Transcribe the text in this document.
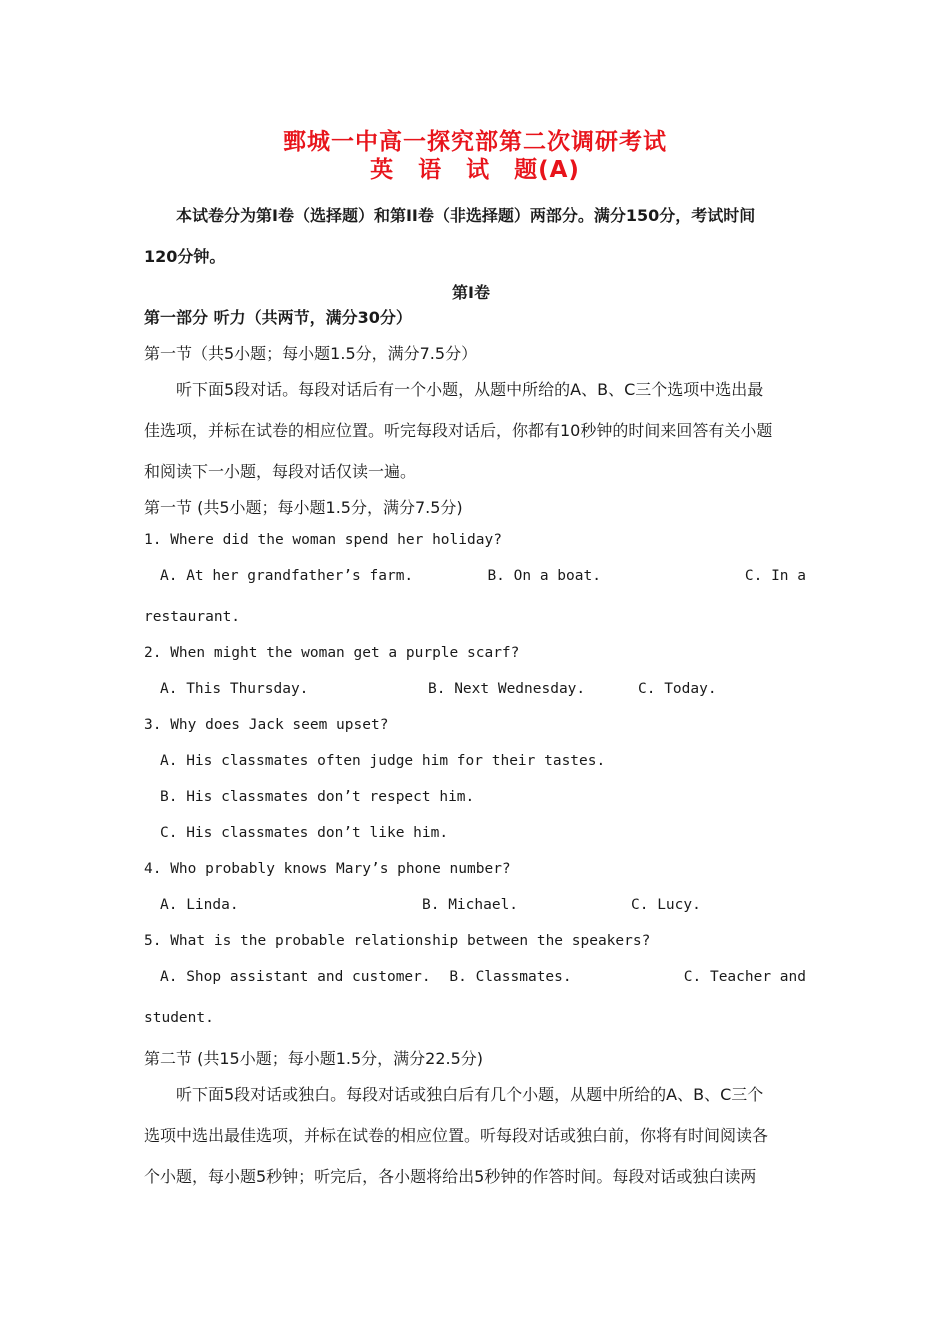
鄄城一中高一探究部第二次调研考试
英　语　试　题(A)
本试卷分为第Ⅰ卷（选择题）和第II卷（非选择题）两部分。满分150分，考试时间
120分钟。
第Ⅰ卷
第一部分 听力（共两节，满分30分）
第一节（共5小题；每小题1.5分，满分7.5分）
听下面5段对话。每段对话后有一个小题，从题中所给的A、B、C三个选项中选出最
佳选项，并标在试卷的相应位置。听完每段对话后，你都有10秒钟的时间来回答有关小题
和阅读下一小题，每段对话仅读一遍。
第一节 (共5小题；每小题1.5分，满分7.5分)
1. Where did the woman spend her holiday?
A. At her grandfather’s farm.	B. On a boat.	C. In a
restaurant.
2. When might the woman get a purple scarf?
A. This Thursday.	B. Next Wednesday.	C. Today.
3. Why does Jack seem upset?
A. His classmates often judge him for their tastes.
B. His classmates don’t respect him.
C. His classmates don’t like him.
4. Who probably knows Mary’s phone number?
A. Linda.	B. Michael.	C. Lucy.
5. What is the probable relationship between the speakers?
A. Shop assistant and customer.	B. Classmates.	C. Teacher and
student.
第二节 (共15小题；每小题1.5分，满分22.5分)
听下面5段对话或独白。每段对话或独白后有几个小题，从题中所给的A、B、C三个
选项中选出最佳选项，并标在试卷的相应位置。听每段对话或独白前，你将有时间阅读各
个小题，每小题5秒钟；听完后，各小题将给出5秒钟的作答时间。每段对话或独白读两
